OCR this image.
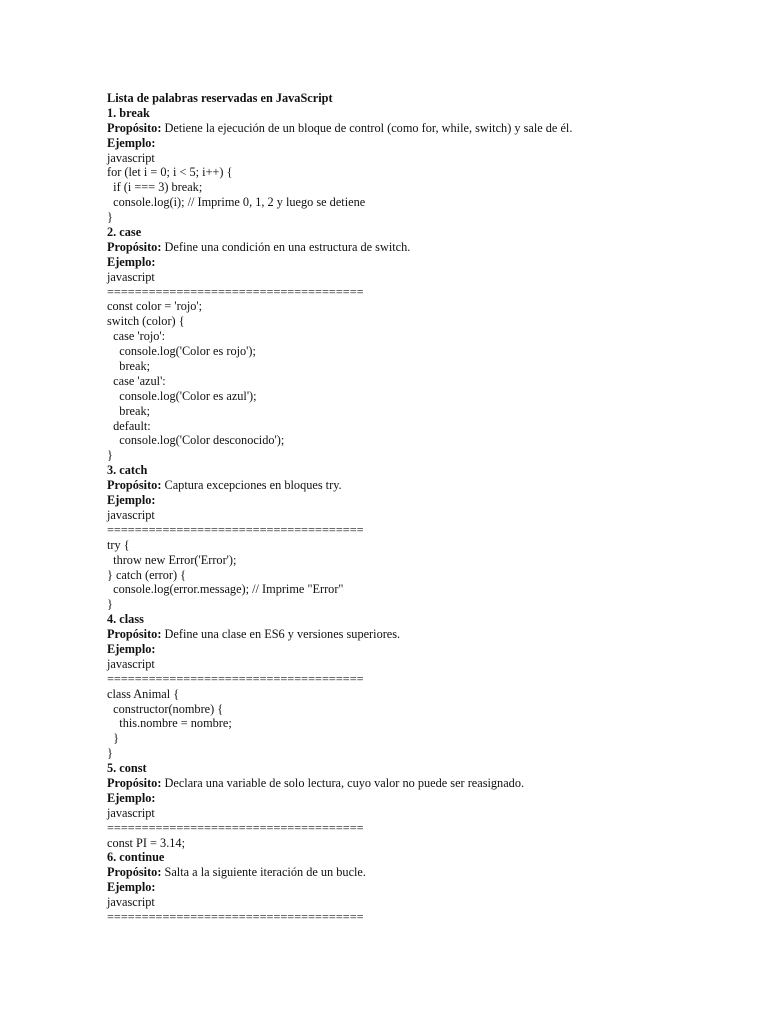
Lista de palabras reservadas en JavaScript
1. break
Propósito: Detiene la ejecución de un bloque de control (como for, while, switch) y sale de él.
Ejemplo:
javascript
for (let i = 0; i < 5; i++) {
if (i === 3) break;
console.log(i); // Imprime 0, 1, 2 y luego se detiene
}
2. case
Propósito: Define una condición en una estructura de switch.
Ejemplo:
javascript
=====================================
const color = 'rojo';
switch (color) {
case 'rojo':
console.log('Color es rojo');
break;
case 'azul':
console.log('Color es azul');
break;
default:
console.log('Color desconocido');
}
3. catch
Propósito: Captura excepciones en bloques try.
Ejemplo:
javascript
=====================================
try {
throw new Error('Error');
} catch (error) {
console.log(error.message); // Imprime "Error"
}
4. class
Propósito: Define una clase en ES6 y versiones superiores.
Ejemplo:
javascript
=====================================
class Animal {
constructor(nombre) {
this.nombre = nombre;
}
}
5. const
Propósito: Declara una variable de solo lectura, cuyo valor no puede ser reasignado.
Ejemplo:
javascript
=====================================
const PI = 3.14;
6. continue
Propósito: Salta a la siguiente iteración de un bucle.
Ejemplo:
javascript
=====================================
